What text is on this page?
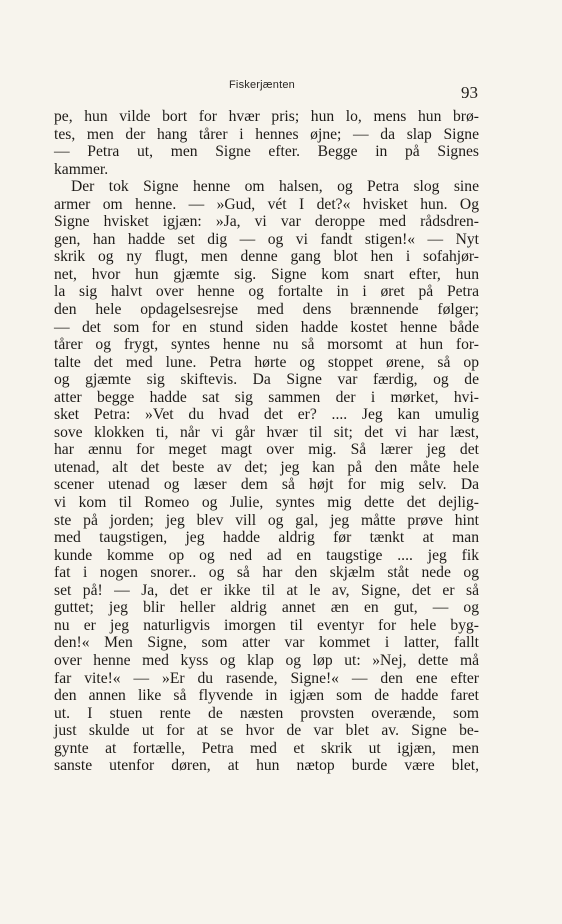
Fiskerjænten	93
pe, hun vilde bort for hvær pris; hun lo, mens hun brø-
tes, men der hang tårer i hennes øjne; — da slap Signe
— Petra ut, men Signe efter. Begge in på Signes
kammer.
Der tok Signe henne om halsen, og Petra slog sine
armer om henne. — »Gud, vét I det?« hvisket hun. Og
Signe hvisket igjæn: »Ja, vi var deroppe med rådsdren-
gen, han hadde set dig — og vi fandt stigen!« — Nyt
skrik og ny flugt, men denne gang blot hen i sofahjør-
net, hvor hun gjæmte sig. Signe kom snart efter, hun
la sig halvt over henne og fortalte in i øret på Petra
den hele opdagelsesrejse med dens brænnende følger;
— det som for en stund siden hadde kostet henne både
tårer og frygt, syntes henne nu så morsomt at hun for-
talte det med lune. Petra hørte og stoppet ørene, så op
og gjæmte sig skiftevis. Da Signe var færdig, og de
atter begge hadde sat sig sammen der i mørket, hvi-
sket Petra: »Vet du hvad det er? .... Jeg kan umulig
sove klokken ti, når vi går hvær til sit; det vi har læst,
har ænnu for meget magt over mig. Så lærer jeg det
utenad, alt det beste av det; jeg kan på den måte hele
scener utenad og læser dem så højt for mig selv. Da
vi kom til Romeo og Julie, syntes mig dette det dejlig-
ste på jorden; jeg blev vill og gal, jeg måtte prøve hint
med taugstigen, jeg hadde aldrig før tænkt at man
kunde komme op og ned ad en taugstige .... jeg fik
fat i nogen snorer.. og så har den skjælm ståt nede og
set på! — Ja, det er ikke til at le av, Signe, det er så
guttet; jeg blir heller aldrig annet æn en gut, — og
nu er jeg naturligvis imorgen til eventyr for hele byg-
den!« Men Signe, som atter var kommet i latter, fallt
over henne med kyss og klap og løp ut: »Nej, dette må
far vite!« — »Er du rasende, Signe!« — den ene efter
den annen like så flyvende in igjæn som de hadde faret
ut. I stuen rente de næsten provsten overænde, som
just skulde ut for at se hvor de var blet av. Signe be-
gynte at fortælle, Petra med et skrik ut igjæn, men
sanste utenfor døren, at hun nætop burde være blet,
